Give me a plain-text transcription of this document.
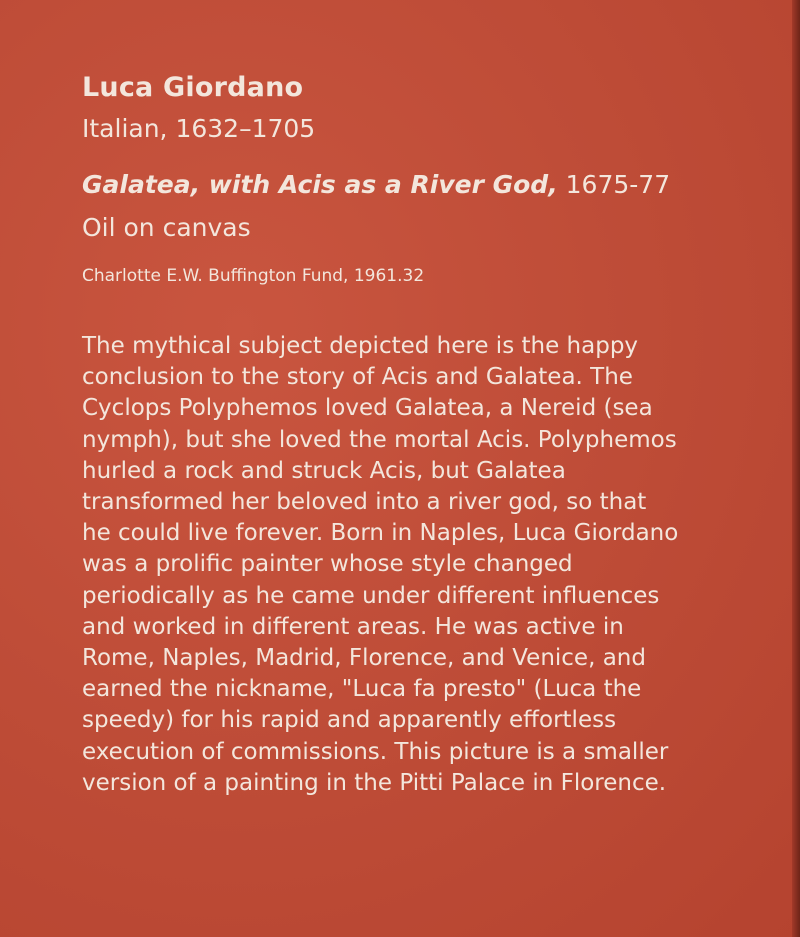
Luca Giordano
Italian, 1632–1705
Galatea, with Acis as a River God, 1675-77
Oil on canvas
Charlotte E.W. Buffington Fund, 1961.32
The mythical subject depicted here is the happy
conclusion to the story of Acis and Galatea. The
Cyclops Polyphemos loved Galatea, a Nereid (sea
nymph), but she loved the mortal Acis. Polyphemos
hurled a rock and struck Acis, but Galatea
transformed her beloved into a river god, so that
he could live forever. Born in Naples, Luca Giordano
was a prolific painter whose style changed
periodically as he came under different influences
and worked in different areas. He was active in
Rome, Naples, Madrid, Florence, and Venice, and
earned the nickname, "Luca fa presto" (Luca the
speedy) for his rapid and apparently effortless
execution of commissions. This picture is a smaller
version of a painting in the Pitti Palace in Florence.
